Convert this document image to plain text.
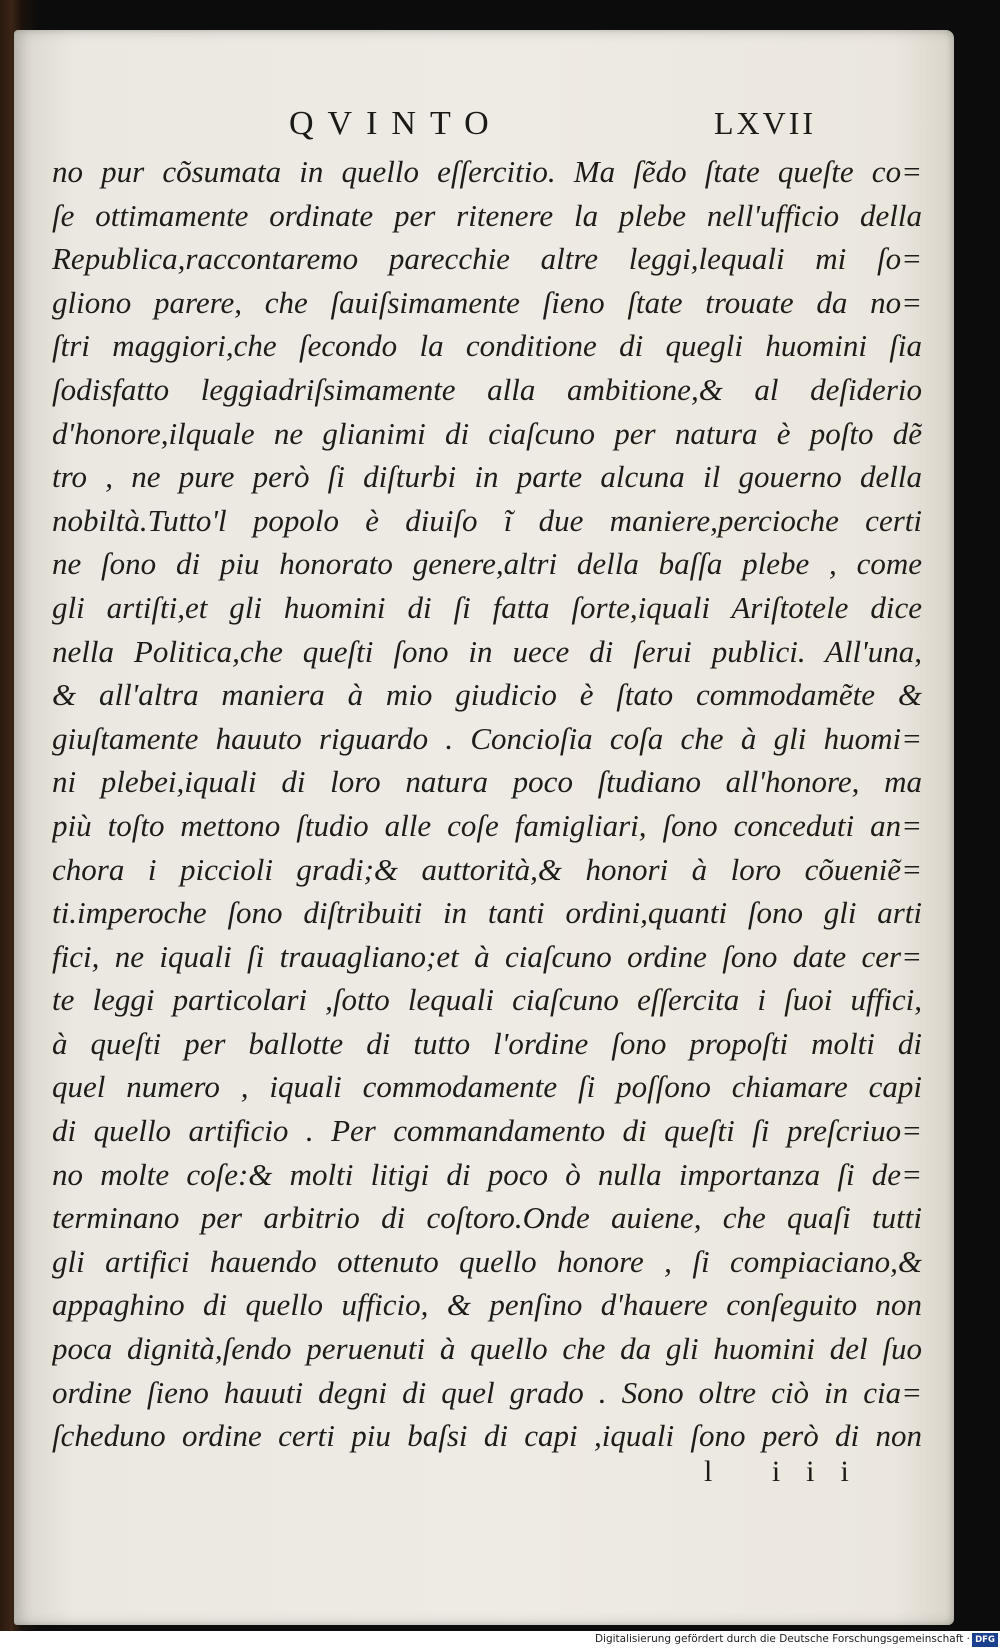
QVINTO	LXVII
no pur cõsumata in quello eſſercitio. Ma ſẽdo ſtate queſte co=
ſe ottimamente ordinate per ritenere la plebe nell'ufficio della
Republica,raccontaremo parecchie altre leggi,lequali mi ſo=
gliono parere, che ſauiſsimamente ſieno ſtate trouate da no=
ſtri maggiori,che ſecondo la conditione di quegli huomini ſia
ſodisfatto leggiadriſsimamente alla ambitione,& al deſiderio
d'honore,ilquale ne glianimi di ciaſcuno per natura è poſto dẽ
tro , ne pure però ſi diſturbi in parte alcuna il gouerno della
nobiltà.Tutto'l popolo è diuiſo ĩ due maniere,percioche certi
ne ſono di piu honorato genere,altri della baſſa plebe , come
gli artiſti,et gli huomini di ſi fatta ſorte,iquali Ariſtotele dice
nella Politica,che queſti ſono in uece di ſerui publici. All'una,
& all'altra maniera à mio giudicio è ſtato commodamẽte &
giuſtamente hauuto riguardo . Concioſia coſa che à gli huomi=
ni plebei,iquali di loro natura poco ſtudiano all'honore, ma
più toſto mettono ſtudio alle coſe famigliari, ſono conceduti an=
chora i piccioli gradi;& auttorità,& honori à loro cõueniẽ=
ti.imperoche ſono diſtribuiti in tanti ordini,quanti ſono gli arti
fici, ne iquali ſi trauagliano;et à ciaſcuno ordine ſono date cer=
te leggi particolari ,ſotto lequali ciaſcuno eſſercita i ſuoi uffici,
à queſti per ballotte di tutto l'ordine ſono propoſti molti di
quel numero , iquali commodamente ſi poſſono chiamare capi
di quello artificio . Per commandamento di queſti ſi preſcriuo=
no molte coſe:& molti litigi di poco ò nulla importanza ſi de=
terminano per arbitrio di coſtoro.Onde auiene, che quaſi tutti
gli artifici hauendo ottenuto quello honore , ſi compiaciano,&
appaghino di quello ufficio, & penſino d'hauere conſeguito non
poca dignità,ſendo peruenuti à quello che da gli huomini del ſuo
ordine ſieno hauuti degni di quel grado . Sono oltre ciò in cia=
ſcheduno ordine certi piu baſsi di capi ,iquali ſono però di non
l iii
Digitalisierung gefördert durch die Deutsche Forschungsgemeinschaft · DFG
